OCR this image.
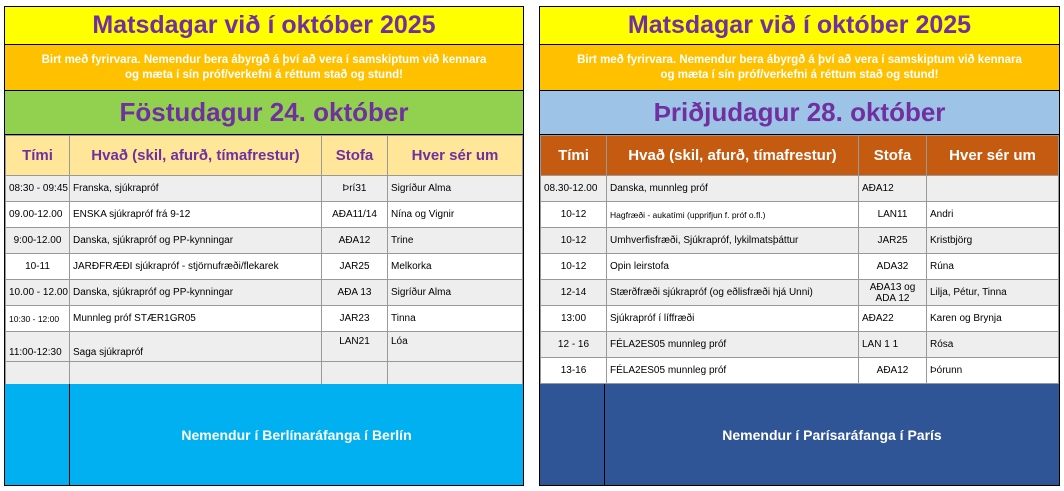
Matsdagar við í október 2025
Birt með fyrirvara. Nemendur bera ábyrgð á því að vera í samskiptum við kennara
og mæta í sín próf/verkefni á réttum stað og stund!
Föstudagur 24. október
Tími	Hvað (skil, afurð, tímafrestur)	Stofa	Hver sér um
08:30 - 09:45	Franska, sjúkrapróf	Þrí31	Sigríður Alma
09.00-12.00	ENSKA sjúkrapróf frá 9-12	AÐA11/14	Nína og Vignir
9:00-12.00	Danska, sjúkrapróf og PP-kynningar	AÐA12	Trine
10-11	JARÐFRÆÐI sjúkrapróf - stjörnufræði/flekarek	JAR25	Melkorka
10.00 - 12.00	Danska, sjúkrapróf og PP-kynningar	AÐA 13	Sigríður Alma
10:30 - 12:00	Munnleg próf STÆR1GR05	JAR23	Tinna
11:00-12:30	Saga sjúkrapróf	LAN21	Lóa

Nemendur í Berlínaráfanga í Berlín
Matsdagar við í október 2025
Birt með fyrirvara. Nemendur bera ábyrgð á því að vera í samskiptum við kennara
og mæta í sín próf/verkefni á réttum stað og stund!
Þriðjudagur 28. október
Tími	Hvað (skil, afurð, tímafrestur)	Stofa	Hver sér um
08.30-12.00	Danska, munnleg próf	AÐA12	
10-12	Hagfræði - aukatími (upprifjun f. próf o.fl.)	LAN11	Andri
10-12	Umhverfisfræði, Sjúkrapróf, lykilmatsþáttur	JAR25	Kristbjörg
10-12	Opin leirstofa	ADA32	Rúna
12-14	Stærðfræði sjúkrapróf (og eðlisfræði hjá Unni)	AÐA13 og
ADA 12	Lilja, Pétur, Tinna
13:00	Sjúkrapróf í líffræði	AÐA22	Karen og Brynja
12 - 16	FÉLA2ES05 munnleg próf	LAN 1 1	Rósa
13-16	FÉLA2ES05 munnleg próf	AÐA12	Þórunn
Nemendur í Parísaráfanga í París
